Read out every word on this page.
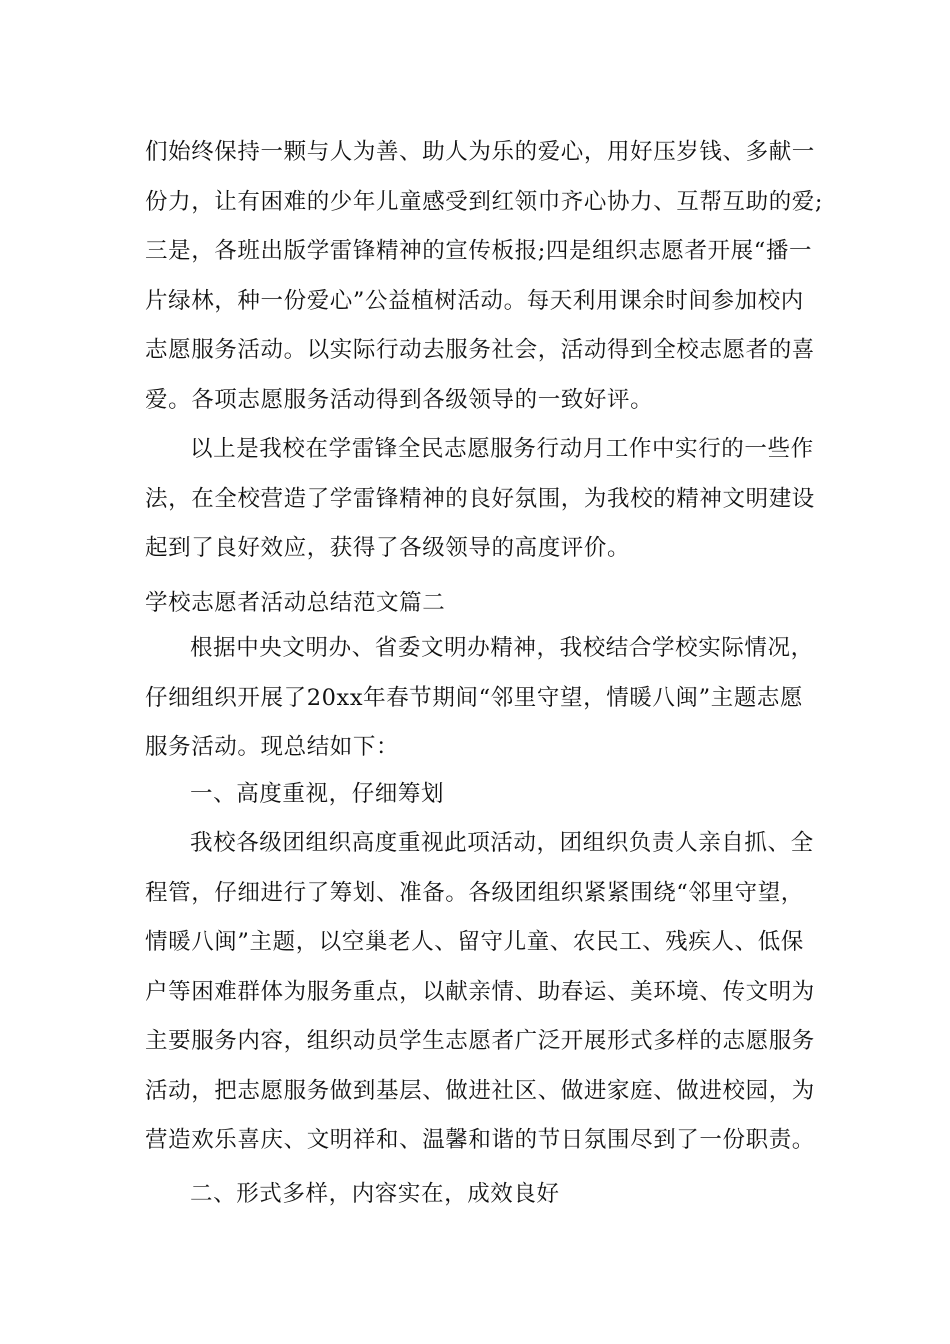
们始终保持一颗与人为善、助人为乐的爱心，用好压岁钱、多献一
份力，让有困难的少年儿童感受到红领巾齐心协力、互帮互助的爱;
三是，各班出版学雷锋精神的宣传板报;四是组织志愿者开展“播一
片绿林，种一份爱心”公益植树活动。每天利用课余时间参加校内
志愿服务活动。以实际行动去服务社会，活动得到全校志愿者的喜
爱。各项志愿服务活动得到各级领导的一致好评。
以上是我校在学雷锋全民志愿服务行动月工作中实行的一些作
法，在全校营造了学雷锋精神的良好氛围，为我校的精神文明建设
起到了良好效应，获得了各级领导的高度评价。
学校志愿者活动总结范文篇二
根据中央文明办、省委文明办精神，我校结合学校实际情况，
仔细组织开展了20xx年春节期间“邻里守望，情暖八闽”主题志愿
服务活动。现总结如下：
一、高度重视，仔细筹划
我校各级团组织高度重视此项活动，团组织负责人亲自抓、全
程管，仔细进行了筹划、准备。各级团组织紧紧围绕“邻里守望，
情暖八闽”主题，以空巢老人、留守儿童、农民工、残疾人、低保
户等困难群体为服务重点，以献亲情、助春运、美环境、传文明为
主要服务内容，组织动员学生志愿者广泛开展形式多样的志愿服务
活动，把志愿服务做到基层、做进社区、做进家庭、做进校园，为
营造欢乐喜庆、文明祥和、温馨和谐的节日氛围尽到了一份职责。
二、形式多样，内容实在，成效良好
